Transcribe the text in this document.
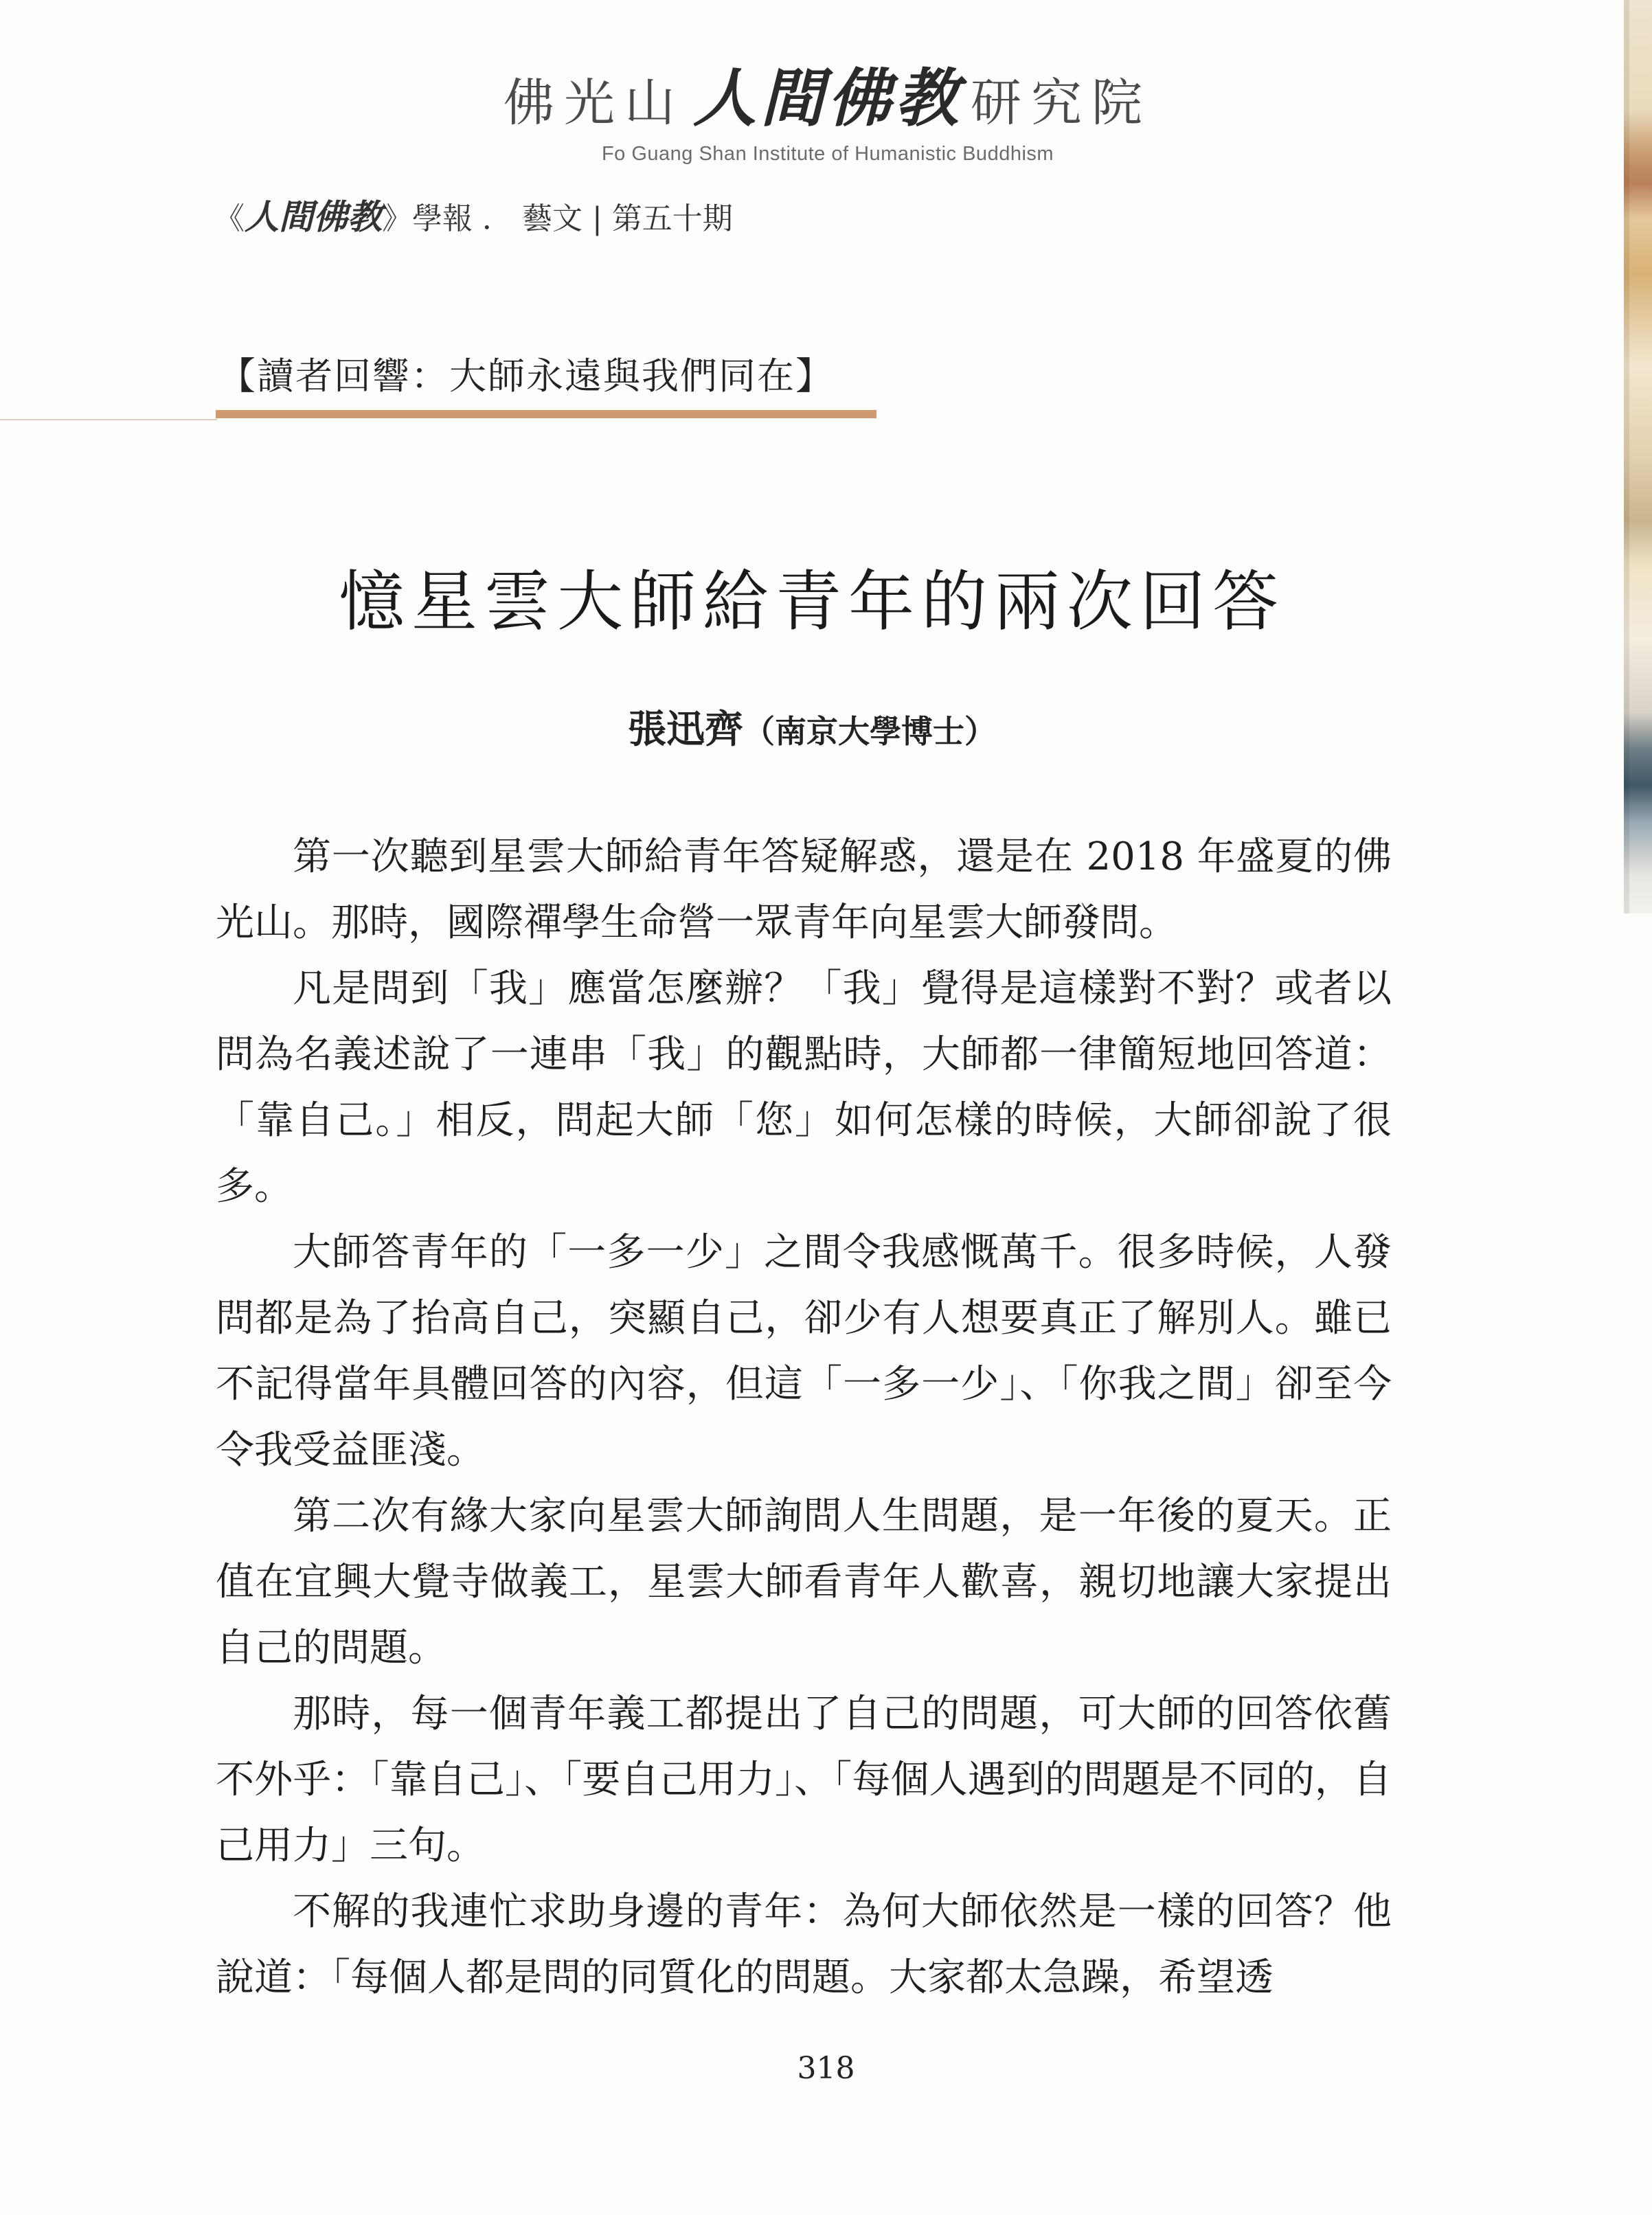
佛光山 人間佛教 研究院
Fo Guang Shan Institute of Humanistic Buddhism
《人間佛教》學報 ． 藝文 | 第五十期
【讀者回響：大師永遠與我們同在】
憶星雲大師給青年的兩次回答
張迅齊（南京大學博士）

第一次聽到星雲大師給青年答疑解惑，還是在 2018 年盛夏的佛光山。那時，國際禪學生命營一眾青年向星雲大師發問。

凡是問到「我」應當怎麼辦？「我」覺得是這樣對不對？或者以問為名義述說了一連串「我」的觀點時，大師都一律簡短地回答道：「靠自己。」相反，問起大師「您」如何怎樣的時候，大師卻說了很多。

大師答青年的「一多一少」之間令我感慨萬千。很多時候，人發問都是為了抬高自己，突顯自己，卻少有人想要真正了解別人。雖已不記得當年具體回答的內容，但這「一多一少」、「你我之間」卻至今令我受益匪淺。

第二次有緣大家向星雲大師詢問人生問題，是一年後的夏天。正值在宜興大覺寺做義工，星雲大師看青年人歡喜，親切地讓大家提出自己的問題。

那時，每一個青年義工都提出了自己的問題，可大師的回答依舊不外乎：「靠自己」、「要自己用力」、「每個人遇到的問題是不同的，自己用力」三句。

不解的我連忙求助身邊的青年：為何大師依然是一樣的回答？他說道：「每個人都是問的同質化的問題。大家都太急躁，希望透

318
